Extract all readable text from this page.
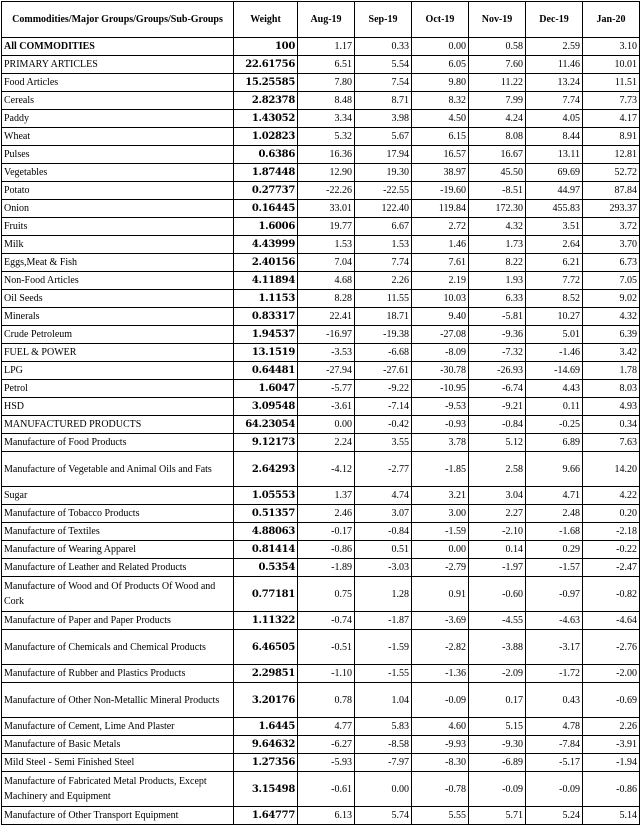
Commodities/Major Groups/Groups/Sub-Groups	Weight	Aug-19	Sep-19	Oct-19	Nov-19	Dec-19	Jan-20
All COMMODITIES	100	1.17	0.33	0.00	0.58	2.59	3.10
PRIMARY ARTICLES	22.61756	6.51	5.54	6.05	7.60	11.46	10.01
Food Articles	15.25585	7.80	7.54	9.80	11.22	13.24	11.51
Cereals	2.82378	8.48	8.71	8.32	7.99	7.74	7.73
Paddy	1.43052	3.34	3.98	4.50	4.24	4.05	4.17
Wheat	1.02823	5.32	5.67	6.15	8.08	8.44	8.91
Pulses	0.6386	16.36	17.94	16.57	16.67	13.11	12.81
Vegetables	1.87448	12.90	19.30	38.97	45.50	69.69	52.72
Potato	0.27737	-22.26	-22.55	-19.60	-8.51	44.97	87.84
Onion	0.16445	33.01	122.40	119.84	172.30	455.83	293.37
Fruits	1.6006	19.77	6.67	2.72	4.32	3.51	3.72
Milk	4.43999	1.53	1.53	1.46	1.73	2.64	3.70
Eggs,Meat & Fish	2.40156	7.04	7.74	7.61	8.22	6.21	6.73
Non-Food Articles	4.11894	4.68	2.26	2.19	1.93	7.72	7.05
Oil Seeds	1.1153	8.28	11.55	10.03	6.33	8.52	9.02
Minerals	0.83317	22.41	18.71	9.40	-5.81	10.27	4.32
Crude Petroleum	1.94537	-16.97	-19.38	-27.08	-9.36	5.01	6.39
FUEL & POWER	13.1519	-3.53	-6.68	-8.09	-7.32	-1.46	3.42
LPG	0.64481	-27.94	-27.61	-30.78	-26.93	-14.69	1.78
Petrol	1.6047	-5.77	-9.22	-10.95	-6.74	4.43	8.03
HSD	3.09548	-3.61	-7.14	-9.53	-9.21	0.11	4.93
MANUFACTURED PRODUCTS	64.23054	0.00	-0.42	-0.93	-0.84	-0.25	0.34
Manufacture of Food Products	9.12173	2.24	3.55	3.78	5.12	6.89	7.63
Manufacture of Vegetable and Animal Oils and Fats	2.64293	-4.12	-2.77	-1.85	2.58	9.66	14.20
Sugar	1.05553	1.37	4.74	3.21	3.04	4.71	4.22
Manufacture of Tobacco Products	0.51357	2.46	3.07	3.00	2.27	2.48	0.20
Manufacture of Textiles	4.88063	-0.17	-0.84	-1.59	-2.10	-1.68	-2.18
Manufacture of Wearing Apparel	0.81414	-0.86	0.51	0.00	0.14	0.29	-0.22
Manufacture of Leather and Related Products	0.5354	-1.89	-3.03	-2.79	-1.97	-1.57	-2.47
Manufacture of Wood and Of Products Of Wood and Cork	0.77181	0.75	1.28	0.91	-0.60	-0.97	-0.82
Manufacture of Paper and Paper Products	1.11322	-0.74	-1.87	-3.69	-4.55	-4.63	-4.64
Manufacture of Chemicals and Chemical Products	6.46505	-0.51	-1.59	-2.82	-3.88	-3.17	-2.76
Manufacture of Rubber and Plastics Products	2.29851	-1.10	-1.55	-1.36	-2.09	-1.72	-2.00
Manufacture of Other Non-Metallic Mineral Products	3.20176	0.78	1.04	-0.09	0.17	0.43	-0.69
Manufacture of Cement, Lime And Plaster	1.6445	4.77	5.83	4.60	5.15	4.78	2.26
Manufacture of Basic Metals	9.64632	-6.27	-8.58	-9.93	-9.30	-7.84	-3.91
Mild Steel - Semi Finished Steel	1.27356	-5.93	-7.97	-8.30	-6.89	-5.17	-1.94
Manufacture of Fabricated Metal Products, Except Machinery and Equipment	3.15498	-0.61	0.00	-0.78	-0.09	-0.09	-0.86
Manufacture of Other Transport Equipment	1.64777	6.13	5.74	5.55	5.71	5.24	5.14
